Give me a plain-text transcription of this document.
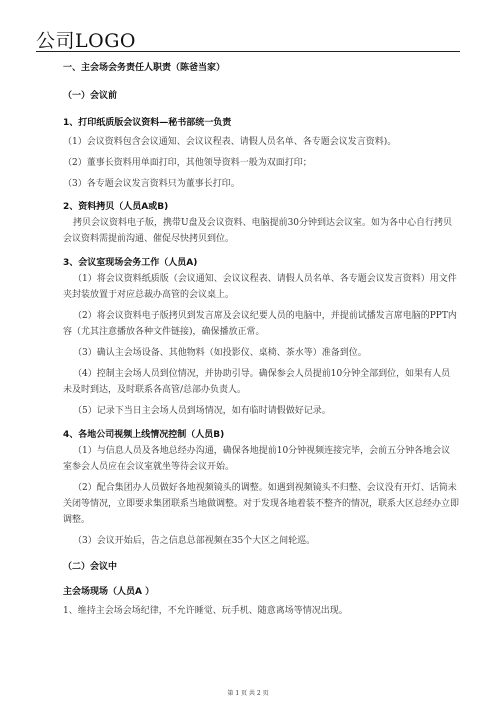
公司LOGO

一、主会场会务责任人职责（陈爸当家）

（一）会议前

1、打印纸质版会议资料—秘书部统一负责

（1）会议资料包含会议通知、会议议程表、请假人员名单、各专题会议发言资料)。

（2）董事长资料用单面打印，其他领导资料一般为双面打印；

（3）各专题会议发言资料只为董事长打印。

2、资料拷贝（人员A或B)

拷贝会议资料电子版，携带U盘及会议资料、电脑提前30分钟到达会议室。如为各中心自行拷贝会议资料需提前沟通、催促尽快拷贝到位。

3、会议室现场会务工作（人员A)

（1）将会议资料纸质版（会议通知、会议议程表、请假人员名单、各专题会议发言资料）用文件夹封装放置于对应总裁办高管的会议桌上。

（2）将会议资料电子版拷贝到发言席及会议纪要人员的电脑中，并提前试播发言席电脑的PPT内容（尤其注意播放各种文件链接)，确保播放正常。

（3）确认主会场设备、其他物料（如投影仪、桌椅、茶水等）准备到位。

（4）控制主会场人员到位情况，并协助引导。确保参会人员提前10分钟全部到位，如果有人员未及时到达，及时联系各高管/总部办负责人。

（5）记录下当日主会场人员到场情况，如有临时请假做好记录。

4、各地公司视频上线情况控制（人员B)

（1）与信息人员及各地总经办沟通，确保各地提前10分钟视频连接完毕，会前五分钟各地会议室参会人员应在会议室就坐等待会议开始。

（2）配合集团办人员做好各地视频镜头的调整。如遇到视频镜头不归整、会议没有开灯、话筒未关闭等情况，立即要求集团联系当地做调整。对于发现各地着装不整齐的情况，联系大区总经办立即调整。

（3）会议开始后，告之信息总部视频在35个大区之间轮巡。

（二）会议中

主会场现场（人员A ）

1、维持主会场会场纪律，不允许睡觉、玩手机、随意离场等情况出现。

第 1 页 共 2 页
